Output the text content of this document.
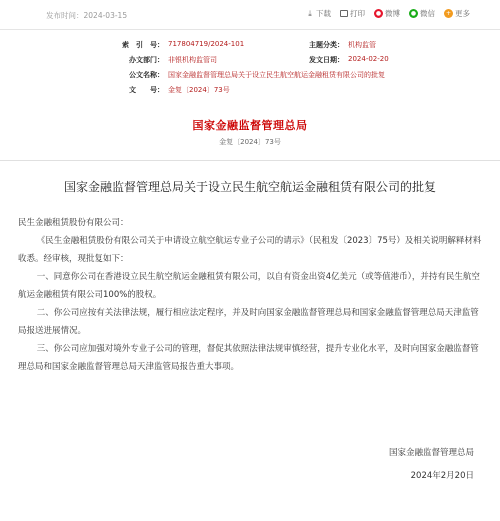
发布时间：2024-03-15	⤓ 下载	打印	● 微博	● 微信	+ 更多
索　引　号： 717804719/2024-101	主题分类： 机构监管
办文部门： 非银机构监管司	发文日期： 2024-02-20
公文名称： 国家金融监督管理总局关于设立民生航空航运金融租赁有限公司的批复
文　　号： 金复〔2024〕73号
国家金融监督管理总局
金复〔2024〕73号
国家金融监督管理总局关于设立民生航空航运金融租赁有限公司的批复

民生金融租赁股份有限公司：

《民生金融租赁股份有限公司关于申请设立航空航运专业子公司的请示》（民租发〔2023〕75号）及相关说明解释材料收悉。经审核，现批复如下：

一、同意你公司在香港设立民生航空航运金融租赁有限公司，以自有资金出资4亿美元（或等值港币），并持有民生航空航运金融租赁有限公司100%的股权。

二、你公司应按有关法律法规，履行相应法定程序，并及时向国家金融监督管理总局和国家金融监督管理总局天津监管局报送进展情况。

三、你公司应加强对境外专业子公司的管理，督促其依照法律法规审慎经营，提升专业化水平，及时向国家金融监督管理总局和国家金融监督管理总局天津监管局报告重大事项。

国家金融监督管理总局
2024年2月20日
